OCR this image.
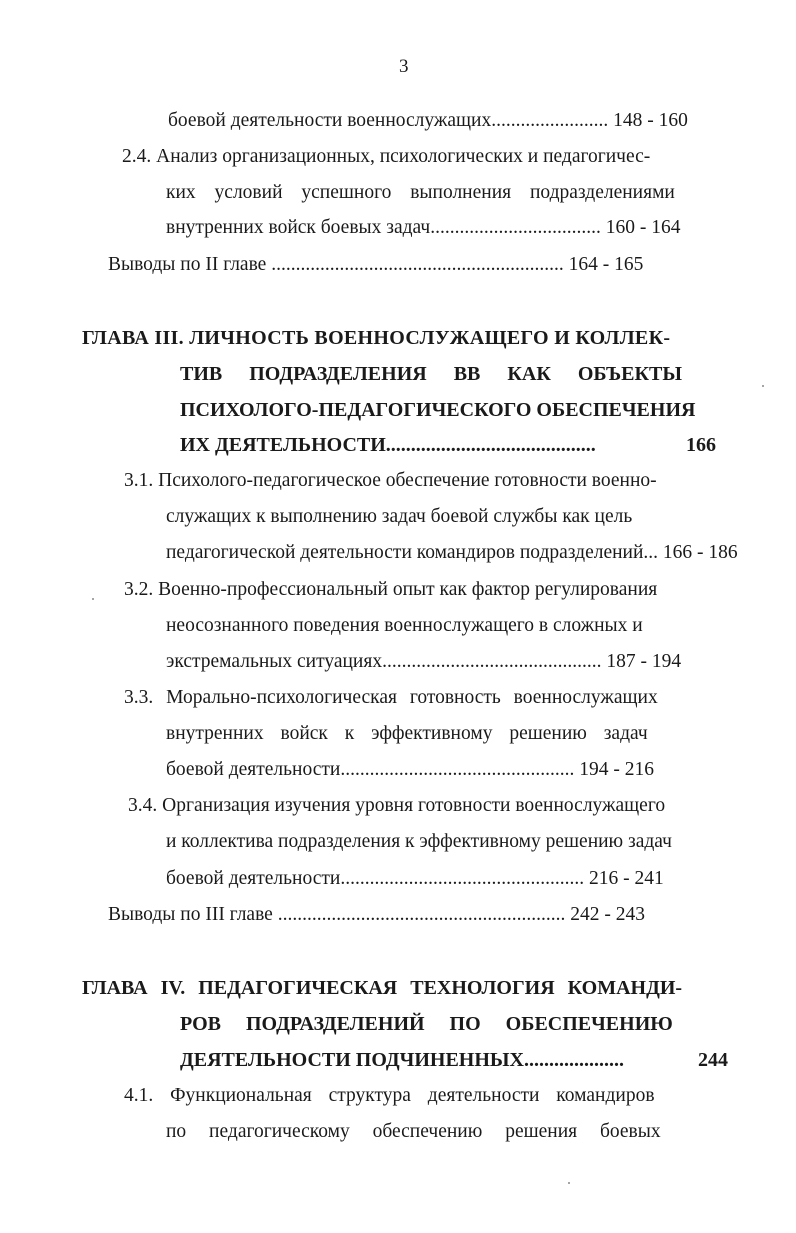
3
боевой деятельности военнослужащих........................ 148 - 160
2.4. Анализ организационных, психологических и педагогичес-
ких условий успешного выполнения подразделениями
внутренних войск боевых задач................................... 160 - 164
Выводы по II главе ............................................................ 164 - 165
ГЛАВА III. ЛИЧНОСТЬ ВОЕННОСЛУЖАЩЕГО И КОЛЛЕК-
ТИВ ПОДРАЗДЕЛЕНИЯ ВВ КАК ОБЪЕКТЫ
ПСИХОЛОГО-ПЕДАГОГИЧЕСКОГО ОБЕСПЕЧЕНИЯ
ИХ ДЕЯТЕЛЬНОСТИ..........................................	166
3.1. Психолого-педагогическое обеспечение готовности военно-
служащих к выполнению задач боевой службы как цель
педагогической деятельности командиров подразделений... 166 - 186
3.2. Военно-профессиональный опыт как фактор регулирования
неосознанного поведения военнослужащего в сложных и
экстремальных ситуациях............................................. 187 - 194
3.3. Морально-психологическая готовность военнослужащих
внутренних войск к эффективному решению задач
боевой деятельности................................................ 194 - 216
3.4. Организация изучения уровня готовности военнослужащего
и коллектива подразделения к эффективному решению задач
боевой деятельности.................................................. 216 - 241
Выводы по III главе ........................................................... 242 - 243
ГЛАВА IV. ПЕДАГОГИЧЕСКАЯ ТЕХНОЛОГИЯ КОМАНДИ-
РОВ ПОДРАЗДЕЛЕНИЙ ПО ОБЕСПЕЧЕНИЮ
ДЕЯТЕЛЬНОСТИ ПОДЧИНЕННЫХ....................	244
4.1. Функциональная структура деятельности командиров
по педагогическому обеспечению решения боевых
